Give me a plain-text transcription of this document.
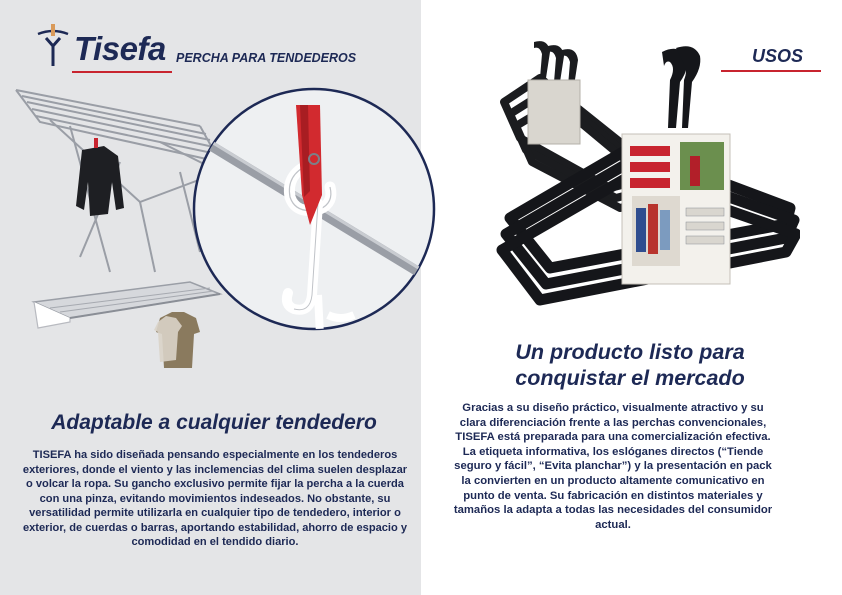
Tisefa PERCHA PARA TENDEDEROS
Adaptable a cualquier tendedero
TISEFA ha sido diseñada pensando especialmente en los tendederos exteriores, donde el viento y las inclemencias del clima suelen desplazar o volcar la ropa. Su gancho exclusivo permite fijar la percha a la cuerda con una pinza, evitando movimientos indeseados. No obstante, su versatilidad permite utilizarla en cualquier tipo de tendedero, interior o exterior, de cuerdas o barras, aportando estabilidad, ahorro de espacio y comodidad en el tendido diario.
USOS
Un producto listo para
conquistar el mercado
Gracias a su diseño práctico, visualmente atractivo y su clara diferenciación frente a las perchas convencionales, TISEFA está preparada para una comercialización efectiva. La etiqueta informativa, los eslóganes directos (“Tiende seguro y fácil”, “Evita planchar”) y la presentación en pack la convierten en un producto altamente comunicativo en punto de venta. Su fabricación en distintos materiales y tamaños la adapta a todas las necesidades del consumidor actual.
